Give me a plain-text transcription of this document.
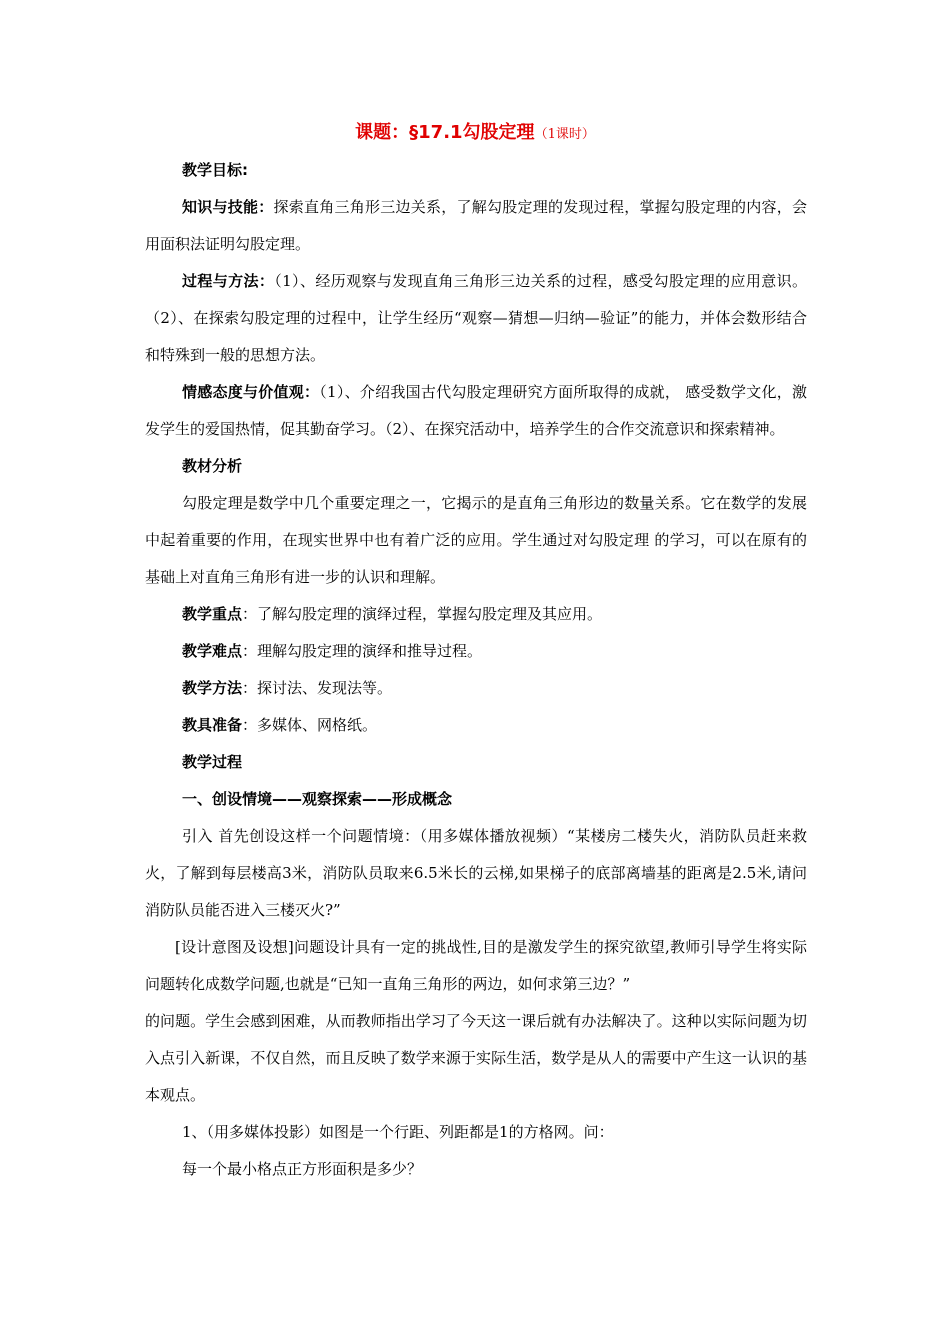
课题：§17.1勾股定理（1课时）

教学目标:

知识与技能：探索直角三角形三边关系，了解勾股定理的发现过程，掌握勾股定理的内容，会用面积法证明勾股定理。

过程与方法：（1）、经历观察与发现直角三角形三边关系的过程，感受勾股定理的应用意识。（2）、在探索勾股定理的过程中，让学生经历“观察—猜想—归纳—验证”的能力，并体会数形结合和特殊到一般的思想方法。

情感态度与价值观：（1）、介绍我国古代勾股定理研究方面所取得的成就， 感受数学文化，激发学生的爱国热情，促其勤奋学习。（2）、在探究活动中，培养学生的合作交流意识和探索精神。

教材分析

勾股定理是数学中几个重要定理之一，它揭示的是直角三角形边的数量关系。它在数学的发展中起着重要的作用，在现实世界中也有着广泛的应用。学生通过对勾股定理 的学习，可以在原有的基础上对直角三角形有进一步的认识和理解。

教学重点：了解勾股定理的演绎过程，掌握勾股定理及其应用。

教学难点：理解勾股定理的演绎和推导过程。

教学方法：探讨法、发现法等。

教具准备：多媒体、网格纸。

教学过程

一、创设情境——观察探索——形成概念

引入 首先创设这样一个问题情境：（用多媒体播放视频）“某楼房二楼失火，消防队员赶来救火，了解到每层楼高3米，消防队员取来6.5米长的云梯,如果梯子的底部离墙基的距离是2.5米,请问消防队员能否进入三楼灭火?”

[设计意图及设想]问题设计具有一定的挑战性,目的是激发学生的探究欲望,教师引导学生将实际问题转化成数学问题,也就是“已知一直角三角形的两边，如何求第三边？”

的问题。学生会感到困难，从而教师指出学习了今天这一课后就有办法解决了。这种以实际问题为切入点引入新课，不仅自然，而且反映了数学来源于实际生活，数学是从人的需要中产生这一认识的基本观点。

1、（用多媒体投影）如图是一个行距、列距都是1的方格网。问：

每一个最小格点正方形面积是多少？
